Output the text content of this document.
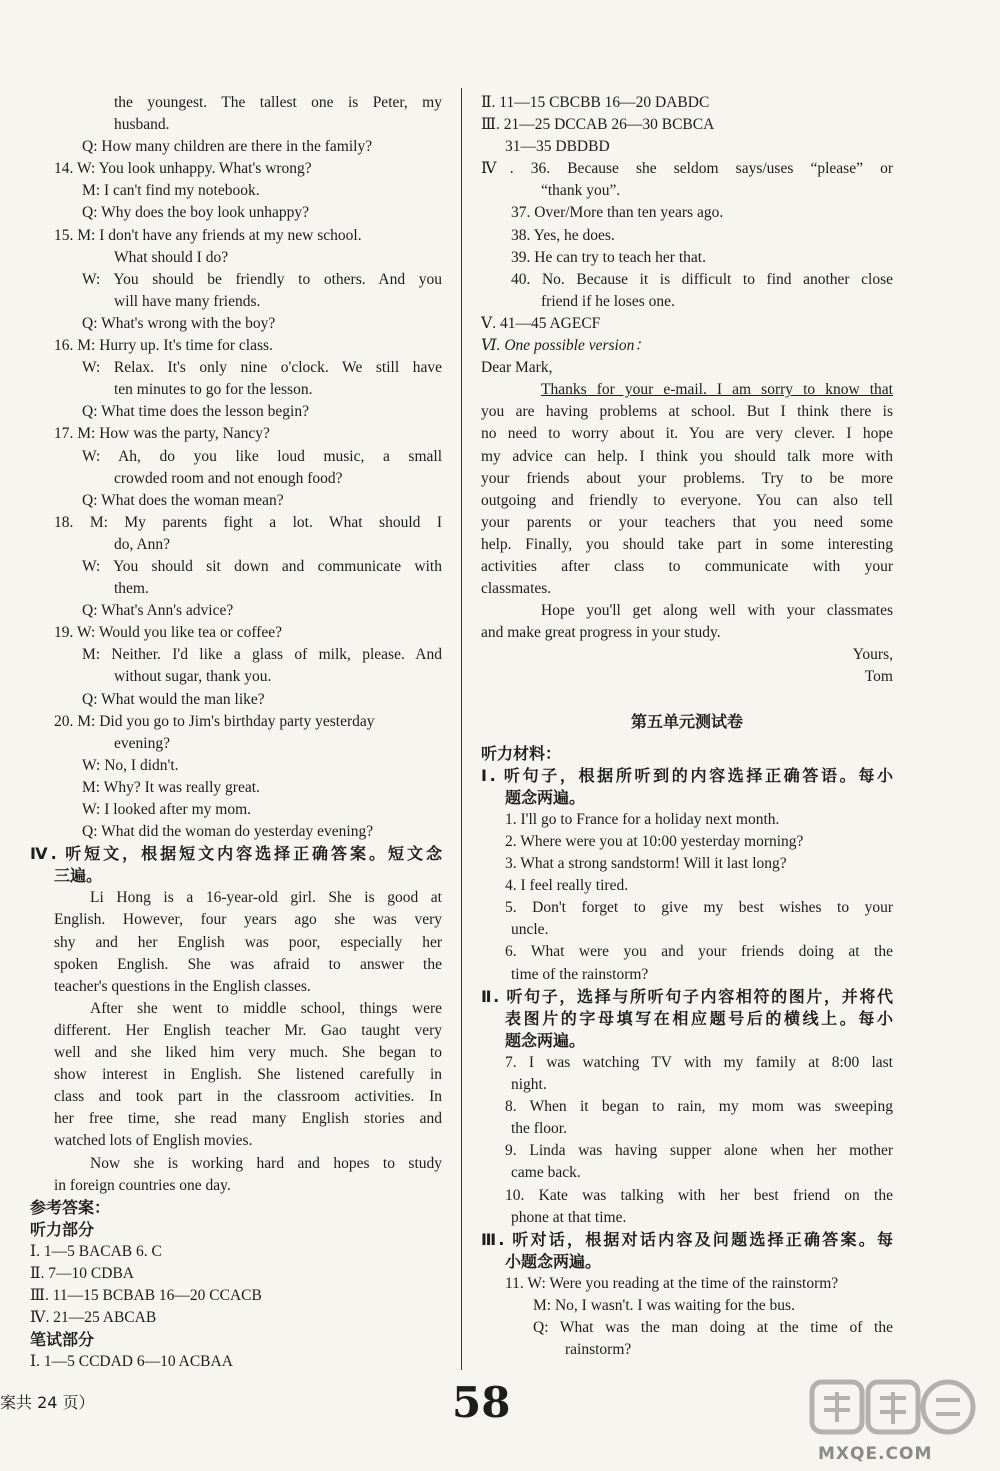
the youngest. The tallest one is Peter, my
husband.
Q: How many children are there in the family?
14. W: You look unhappy. What's wrong?
M: I can't find my notebook.
Q: Why does the boy look unhappy?
15. M: I don't have any friends at my new school.
What should I do?
W: You should be friendly to others. And you
will have many friends.
Q: What's wrong with the boy?
16. M: Hurry up. It's time for class.
W: Relax. It's only nine o'clock. We still have
ten minutes to go for the lesson.
Q: What time does the lesson begin?
17. M: How was the party, Nancy?
W: Ah, do you like loud music, a small
crowded room and not enough food?
Q: What does the woman mean?
18. M: My parents fight a lot. What should I
do, Ann?
W: You should sit down and communicate with
them.
Q: What's Ann's advice?
19. W: Would you like tea or coffee?
M: Neither. I'd like a glass of milk, please. And
without sugar, thank you.
Q: What would the man like?
20. M: Did you go to Jim's birthday party yesterday
evening?
W: No, I didn't.
M: Why? It was really great.
W: I looked after my mom.
Q: What did the woman do yesterday evening?
Ⅳ. 听短文，根据短文内容选择正确答案。短文念
三遍。
Li Hong is a 16-year-old girl. She is good at
English. However, four years ago she was very
shy and her English was poor, especially her
spoken English. She was afraid to answer the
teacher's questions in the English classes.
After she went to middle school, things were
different. Her English teacher Mr. Gao taught very
well and she liked him very much. She began to
show interest in English. She listened carefully in
class and took part in the classroom activities. In
her free time, she read many English stories and
watched lots of English movies.
Now she is working hard and hopes to study
in foreign countries one day.
参考答案：
听力部分
Ⅰ. 1—5 BACAB 6. C
Ⅱ. 7—10 CDBA
Ⅲ. 11—15 BCBAB 16—20 CCACB
Ⅳ. 21—25 ABCAB
笔试部分
Ⅰ. 1—5 CCDAD 6—10 ACBAA
Ⅱ. 11—15 CBCBB 16—20 DABDC
Ⅲ. 21—25 DCCAB 26—30 BCBCA
31—35 DBDBD
Ⅳ. 36. Because she seldom says/uses “please” or
“thank you”.
37. Over/More than ten years ago.
38. Yes, he does.
39. He can try to teach her that.
40. No. Because it is difficult to find another close
friend if he loses one.
Ⅴ. 41—45 AGECF
Ⅵ. One possible version：
Dear Mark,
Thanks for your e-mail. I am sorry to know that
you are having problems at school. But I think there is
no need to worry about it. You are very clever. I hope
my advice can help. I think you should talk more with
your friends about your problems. Try to be more
outgoing and friendly to everyone. You can also tell
your parents or your teachers that you need some
help. Finally, you should take part in some interesting
activities after class to communicate with your
classmates.
Hope you'll get along well with your classmates
and make great progress in your study.
Yours,
Tom
第五单元测试卷
听力材料：
Ⅰ. 听句子，根据所听到的内容选择正确答语。每小
题念两遍。
1. I'll go to France for a holiday next month.
2. Where were you at 10:00 yesterday morning?
3. What a strong sandstorm! Will it last long?
4. I feel really tired.
5. Don't forget to give my best wishes to your
uncle.
6. What were you and your friends doing at the
time of the rainstorm?
Ⅱ. 听句子，选择与所听句子内容相符的图片，并将代
表图片的字母填写在相应题号后的横线上。每小
题念两遍。
7. I was watching TV with my family at 8:00 last
night.
8. When it began to rain, my mom was sweeping
the floor.
9. Linda was having supper alone when her mother
came back.
10. Kate was talking with her best friend on the
phone at that time.
Ⅲ. 听对话，根据对话内容及问题选择正确答案。每
小题念两遍。
11. W: Were you reading at the time of the rainstorm?
M: No, I wasn't. I was waiting for the bus.
Q: What was the man doing at the time of the
rainstorm?
案共 24 页）	58
MXQE.COM
